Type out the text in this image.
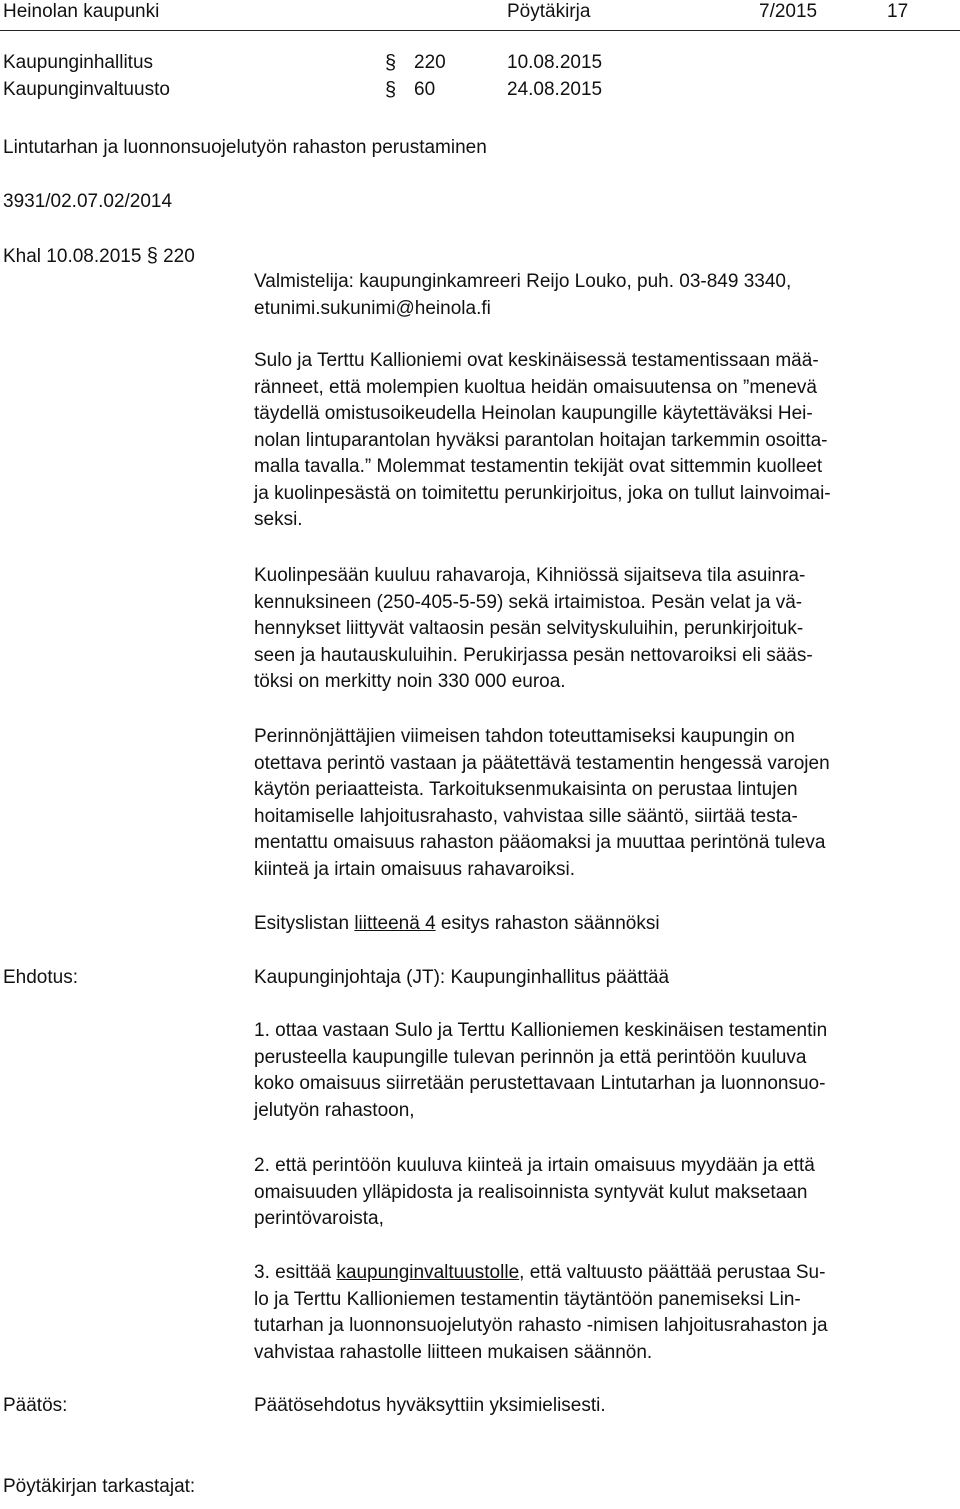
Heinolan kaupunki	Pöytäkirja	7/2015	17
Kaupunginhallitus	§ 220	10.08.2015
Kaupunginvaltuusto	§ 60	24.08.2015
Lintutarhan ja luonnonsuojelutyön rahaston perustaminen
3931/02.07.02/2014
Khal 10.08.2015 § 220
Valmistelija: kaupunginkamreeri Reijo Louko, puh. 03-849 3340,
etunimi.sukunimi@heinola.fi
Sulo ja Terttu Kallioniemi ovat keskinäisessä testamentissaan mää-
ränneet, että molempien kuoltua heidän omaisuutensa on ”menevä
täydellä omistusoikeudella Heinolan kaupungille käytettäväksi Hei-
nolan lintuparantolan hyväksi parantolan hoitajan tarkemmin osoitta-
malla tavalla.” Molemmat testamentin tekijät ovat sittemmin kuolleet
ja kuolinpesästä on toimitettu perunkirjoitus, joka on tullut lainvoimai-
seksi.
Kuolinpesään kuuluu rahavaroja, Kihniössä sijaitseva tila asuinra-
kennuksineen (250-405-5-59) sekä irtaimistoa. Pesän velat ja vä-
hennykset liittyvät valtaosin pesän selvityskuluihin, perunkirjoituk-
seen ja hautauskuluihin. Perukirjassa pesän nettovaroiksi eli sääs-
töksi on merkitty noin 330 000 euroa.
Perinnönjättäjien viimeisen tahdon toteuttamiseksi kaupungin on
otettava perintö vastaan ja päätettävä testamentin hengessä varojen
käytön periaatteista. Tarkoituksenmukaisinta on perustaa lintujen
hoitamiselle lahjoitusrahasto, vahvistaa sille sääntö, siirtää testa-
mentattu omaisuus rahaston pääomaksi ja muuttaa perintönä tuleva
kiinteä ja irtain omaisuus rahavaroiksi.
Esityslistan liitteenä 4 esitys rahaston säännöksi
Ehdotus:	Kaupunginjohtaja (JT): Kaupunginhallitus päättää
1. ottaa vastaan Sulo ja Terttu Kallioniemen keskinäisen testamentin
perusteella kaupungille tulevan perinnön ja että perintöön kuuluva
koko omaisuus siirretään perustettavaan Lintutarhan ja luonnonsuo-
jelutyön rahastoon,
2. että perintöön kuuluva kiinteä ja irtain omaisuus myydään ja että
omaisuuden ylläpidosta ja realisoinnista syntyvät kulut maksetaan
perintövaroista,
3. esittää kaupunginvaltuustolle, että valtuusto päättää perustaa Su-
lo ja Terttu Kallioniemen testamentin täytäntöön panemiseksi Lin-
tutarhan ja luonnonsuojelutyön rahasto -nimisen lahjoitusrahaston ja
vahvistaa rahastolle liitteen mukaisen säännön.
Päätös:	Päätösehdotus hyväksyttiin yksimielisesti.
Pöytäkirjan tarkastajat:
